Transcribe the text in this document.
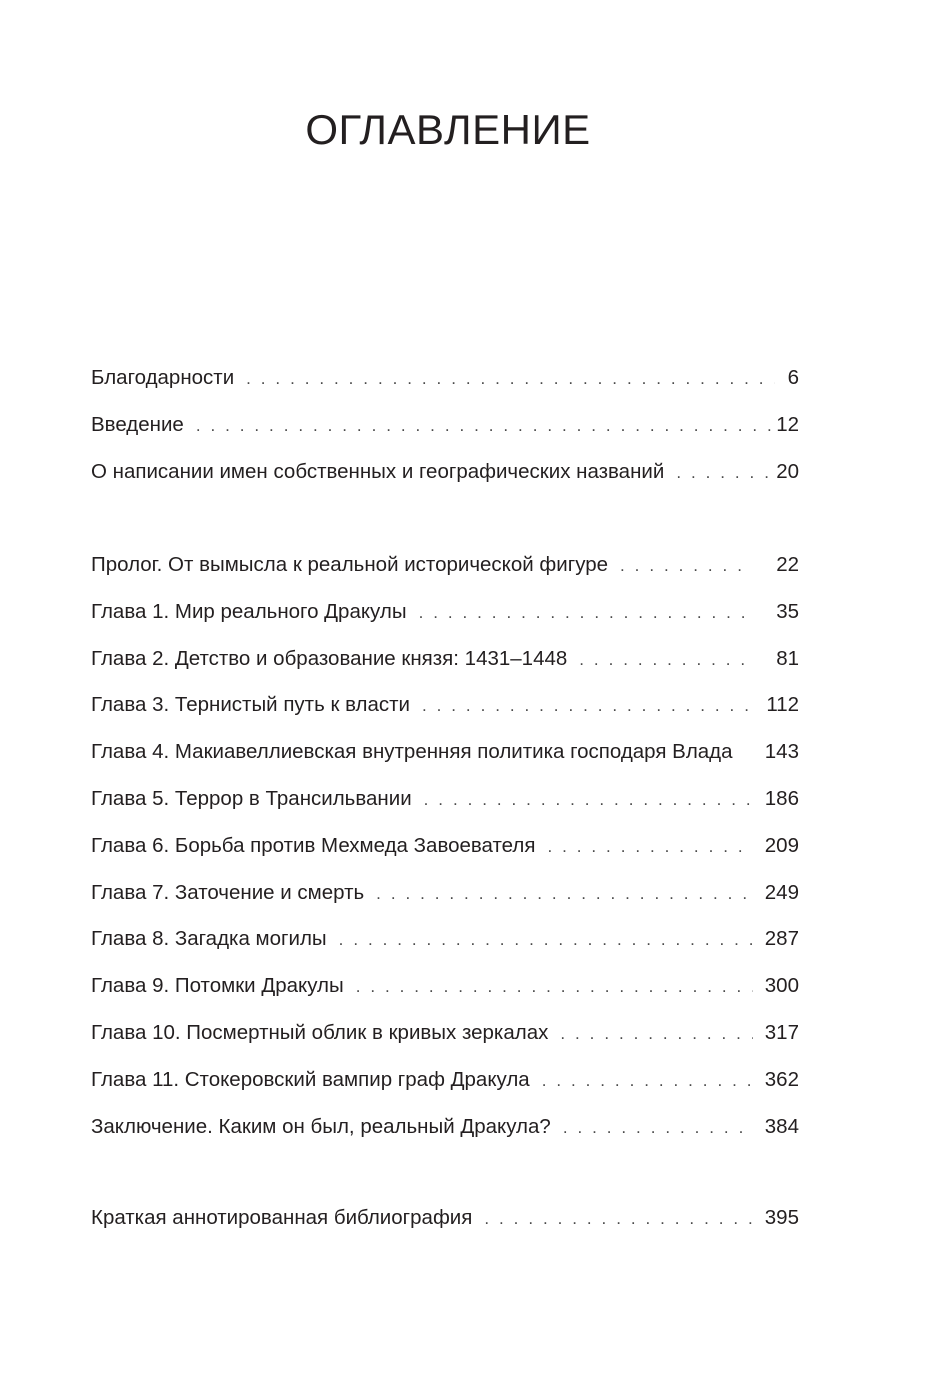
ОГЛАВЛЕНИЕ
Благодарности . . .	6
Введение . . .	12
О написании имен собственных и географических названий . . .	20
Пролог. От вымысла к реальной исторической фигуре . . .	22
Глава 1. Мир реального Дракулы . . .	35
Глава 2. Детство и образование князя: 1431–1448 . . .	81
Глава 3. Тернистый путь к власти . . .	112
Глава 4. Макиавеллиевская внутренняя политика господаря Влада	143
Глава 5. Террор в Трансильвании . . .	186
Глава 6. Борьба против Мехмеда Завоевателя . . .	209
Глава 7. Заточение и смерть . . .	249
Глава 8. Загадка могилы . . .	287
Глава 9. Потомки Дракулы . . .	300
Глава 10. Посмертный облик в кривых зеркалах . . .	317
Глава 11. Стокеровский вампир граф Дракула . . .	362
Заключение. Каким он был, реальный Дракула? . . .	384
Краткая аннотированная библиография . . .	395
